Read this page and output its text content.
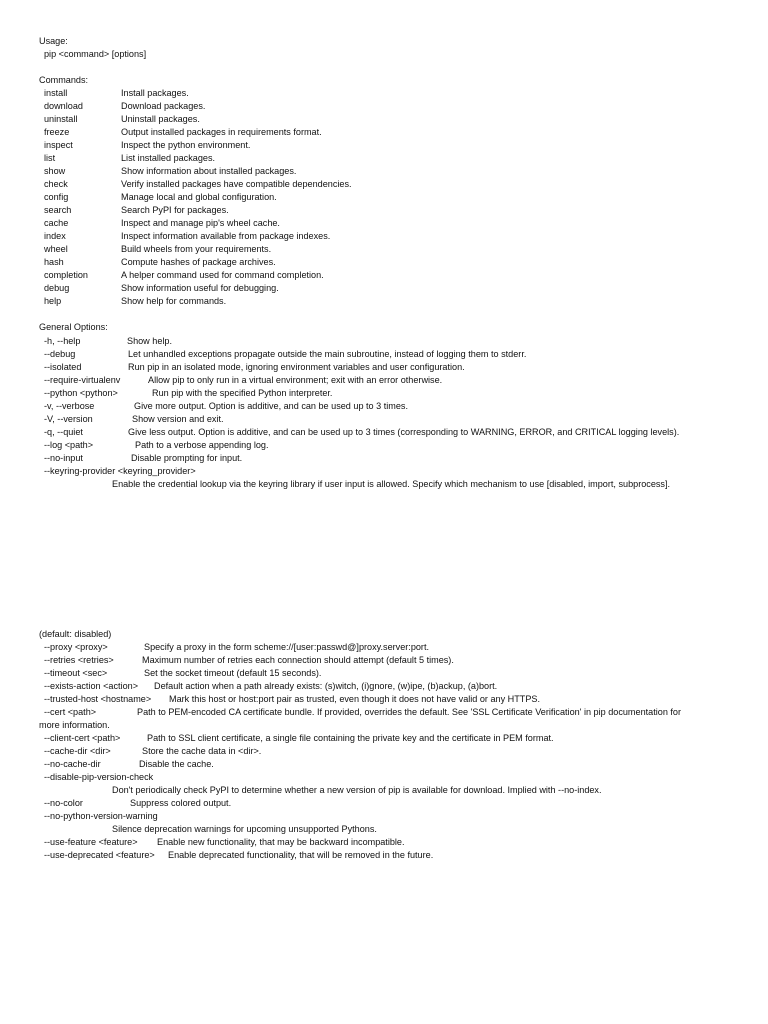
Usage:
pip <command> [options]
Commands:
install	Install packages.
download	Download packages.
uninstall	Uninstall packages.
freeze	Output installed packages in requirements format.
inspect	Inspect the python environment.
list	List installed packages.
show	Show information about installed packages.
check	Verify installed packages have compatible dependencies.
config	Manage local and global configuration.
search	Search PyPI for packages.
cache	Inspect and manage pip's wheel cache.
index	Inspect information available from package indexes.
wheel	Build wheels from your requirements.
hash	Compute hashes of package archives.
completion	A helper command used for command completion.
debug	Show information useful for debugging.
help	Show help for commands.
General Options:
-h, --help	Show help.
--debug	Let unhandled exceptions propagate outside the main subroutine, instead of logging them to stderr.
--isolated	Run pip in an isolated mode, ignoring environment variables and user configuration.
--require-virtualenv	Allow pip to only run in a virtual environment; exit with an error otherwise.
--python <python>	Run pip with the specified Python interpreter.
-v, --verbose	Give more output. Option is additive, and can be used up to 3 times.
-V, --version	Show version and exit.
-q, --quiet	Give less output. Option is additive, and can be used up to 3 times (corresponding to WARNING, ERROR, and CRITICAL logging levels).
--log <path>	Path to a verbose appending log.
--no-input	Disable prompting for input.
--keyring-provider <keyring_provider>
Enable the credential lookup via the keyring library if user input is allowed. Specify which mechanism to use [disabled, import, subprocess].
(default: disabled)
--proxy <proxy>	Specify a proxy in the form scheme://[user:passwd@]proxy.server:port.
--retries <retries>	Maximum number of retries each connection should attempt (default 5 times).
--timeout <sec>	Set the socket timeout (default 15 seconds).
--exists-action <action> Default action when a path already exists: (s)witch, (i)gnore, (w)ipe, (b)ackup, (a)bort.
--trusted-host <hostname> Mark this host or host:port pair as trusted, even though it does not have valid or any HTTPS.
--cert <path>	Path to PEM-encoded CA certificate bundle. If provided, overrides the default. See 'SSL Certificate Verification' in pip documentation for
more information.
--client-cert <path>	Path to SSL client certificate, a single file containing the private key and the certificate in PEM format.
--cache-dir <dir>	Store the cache data in <dir>.
--no-cache-dir	Disable the cache.
--disable-pip-version-check
Don't periodically check PyPI to determine whether a new version of pip is available for download. Implied with --no-index.
--no-color	Suppress colored output.
--no-python-version-warning
Silence deprecation warnings for upcoming unsupported Pythons.
--use-feature <feature> Enable new functionality, that may be backward incompatible.
--use-deprecated <feature> Enable deprecated functionality, that will be removed in the future.
